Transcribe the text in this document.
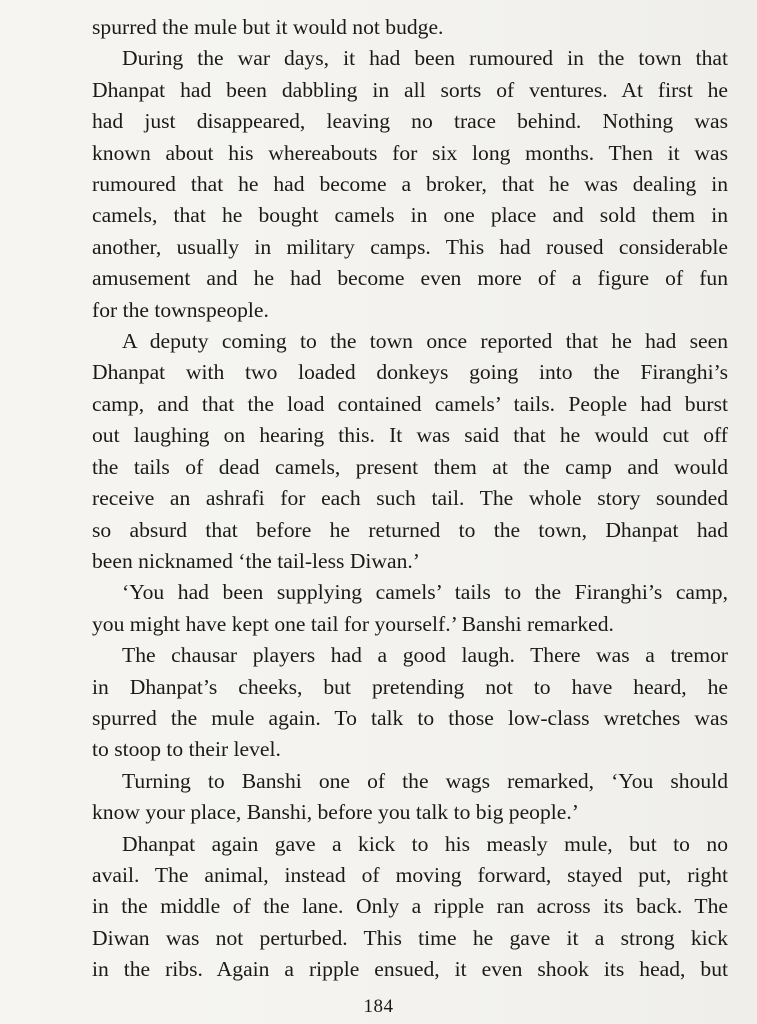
spurred the mule but it would not budge.

During the war days, it had been rumoured in the town that
Dhanpat had been dabbling in all sorts of ventures. At first he
had just disappeared, leaving no trace behind. Nothing was
known about his whereabouts for six long months. Then it was
rumoured that he had become a broker, that he was dealing in
camels, that he bought camels in one place and sold them in
another, usually in military camps. This had roused considerable
amusement and he had become even more of a figure of fun
for the townspeople.

A deputy coming to the town once reported that he had seen
Dhanpat with two loaded donkeys going into the Firanghi’s
camp, and that the load contained camels’ tails. People had burst
out laughing on hearing this. It was said that he would cut off
the tails of dead camels, present them at the camp and would
receive an ashrafi for each such tail. The whole story sounded
so absurd that before he returned to the town, Dhanpat had
been nicknamed ‘the tail-less Diwan.’

‘You had been supplying camels’ tails to the Firanghi’s camp,
you might have kept one tail for yourself.’ Banshi remarked.

The chausar players had a good laugh. There was a tremor
in Dhanpat’s cheeks, but pretending not to have heard, he
spurred the mule again. To talk to those low-class wretches was
to stoop to their level.

Turning to Banshi one of the wags remarked, ‘You should
know your place, Banshi, before you talk to big people.’

Dhanpat again gave a kick to his measly mule, but to no
avail. The animal, instead of moving forward, stayed put, right
in the middle of the lane. Only a ripple ran across its back. The
Diwan was not perturbed. This time he gave it a strong kick
in the ribs. Again a ripple ensued, it even shook its head, but

184
